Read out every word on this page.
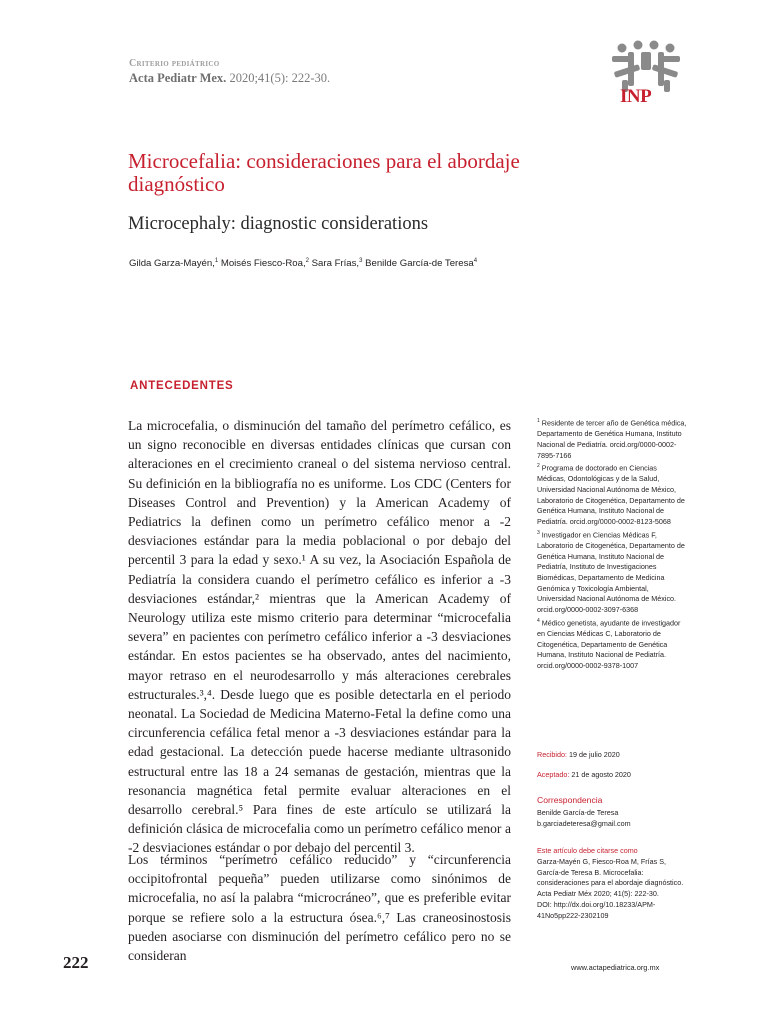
Criterio pediátrico
Acta Pediatr Mex. 2020;41(5): 222-30.
INP
Microcefalia: consideraciones para el abordaje diagnóstico
Microcephaly: diagnostic considerations
Gilda Garza-Mayén,$^1$ Moisés Fiesco-Roa,$^2$ Sara Frías,$^3$ Benilde García-de Teresa$^4$
ANTECEDENTES

La microcefalia, o disminución del tamaño del perímetro cefálico, es un signo reconocible en diversas entidades clínicas que cursan con alteraciones en el crecimiento craneal o del sistema nervioso central. Su definición en la bibliografía no es uniforme. Los CDC (Centers for Diseases Control and Prevention) y la American Academy of Pediatrics la definen como un perímetro cefálico menor a -2 desviaciones estándar para la media poblacional o por debajo del percentil 3 para la edad y sexo.¹ A su vez, la Asociación Española de Pediatría la considera cuando el perímetro cefálico es inferior a -3 desviaciones estándar,² mientras que la American Academy of Neurology utiliza este mismo criterio para determinar “microcefalia severa” en pacientes con perímetro cefálico inferior a -3 desviaciones estándar. En estos pacientes se ha observado, antes del nacimiento, mayor retraso en el neurodesarrollo y más alteraciones cerebrales estructurales.³,⁴. Desde luego que es posible detectarla en el periodo neonatal. La Sociedad de Medicina Materno-Fetal la define como una circunferencia cefálica fetal menor a -3 desviaciones estándar para la edad gestacional. La detección puede hacerse mediante ultrasonido estructural entre las 18 a 24 semanas de gestación, mientras que la resonancia magnética fetal permite evaluar alteraciones en el desarrollo cerebral.⁵ Para fines de este artículo se utilizará la definición clásica de microcefalia como un perímetro cefálico menor a -2 desviaciones estándar o por debajo del percentil 3.

Los términos “perímetro cefálico reducido” y “circunferencia occipitofrontal pequeña” pueden utilizarse como sinónimos de microcefalia, no así la palabra “microcráneo”, que es preferible evitar porque se refiere solo a la estructura ósea.⁶,⁷ Las craneosinostosis pueden asociarse con disminución del perímetro cefálico pero no se consideran

$^1$ Residente de tercer año de Genética médica, Departamento de Genética Humana, Instituto Nacional de Pediatría. orcid.org/0000-0002-7895-7166

$^2$ Programa de doctorado en Ciencias Médicas, Odontológicas y de la Salud, Universidad Nacional Autónoma de México, Laboratorio de Citogenética, Departamento de Genética Humana, Instituto Nacional de Pediatría. orcid.org/0000-0002-8123-5068

$^3$ Investigador en Ciencias Médicas F, Laboratorio de Citogenética, Departamento de Genética Humana, Instituto Nacional de Pediatría, Instituto de Investigaciones Biomédicas, Departamento de Medicina Genómica y Toxicología Ambiental, Universidad Nacional Autónoma de México. orcid.org/0000-0002-3097-6368

$^4$ Médico genetista, ayudante de investigador en Ciencias Médicas C, Laboratorio de Citogenética, Departamento de Genética Humana, Instituto Nacional de Pediatría. orcid.org/0000-0002-9378-1007

Recibido: 19 de julio 2020

Aceptado: 21 de agosto 2020

Correspondencia
Benilde García-de Teresa
b.garciadeteresa@gmail.com
Este artículo debe citarse como
Garza-Mayén G, Fiesco-Roa M, Frías S, García-de Teresa B. Microcefalia: consideraciones para el abordaje diagnóstico. Acta Pediatr Méx 2020; 41(5): 222-30.
DOI: http://dx.doi.org/10.18233/APM-41No5pp222-2302109
222	www.actapediatrica.org.mx
